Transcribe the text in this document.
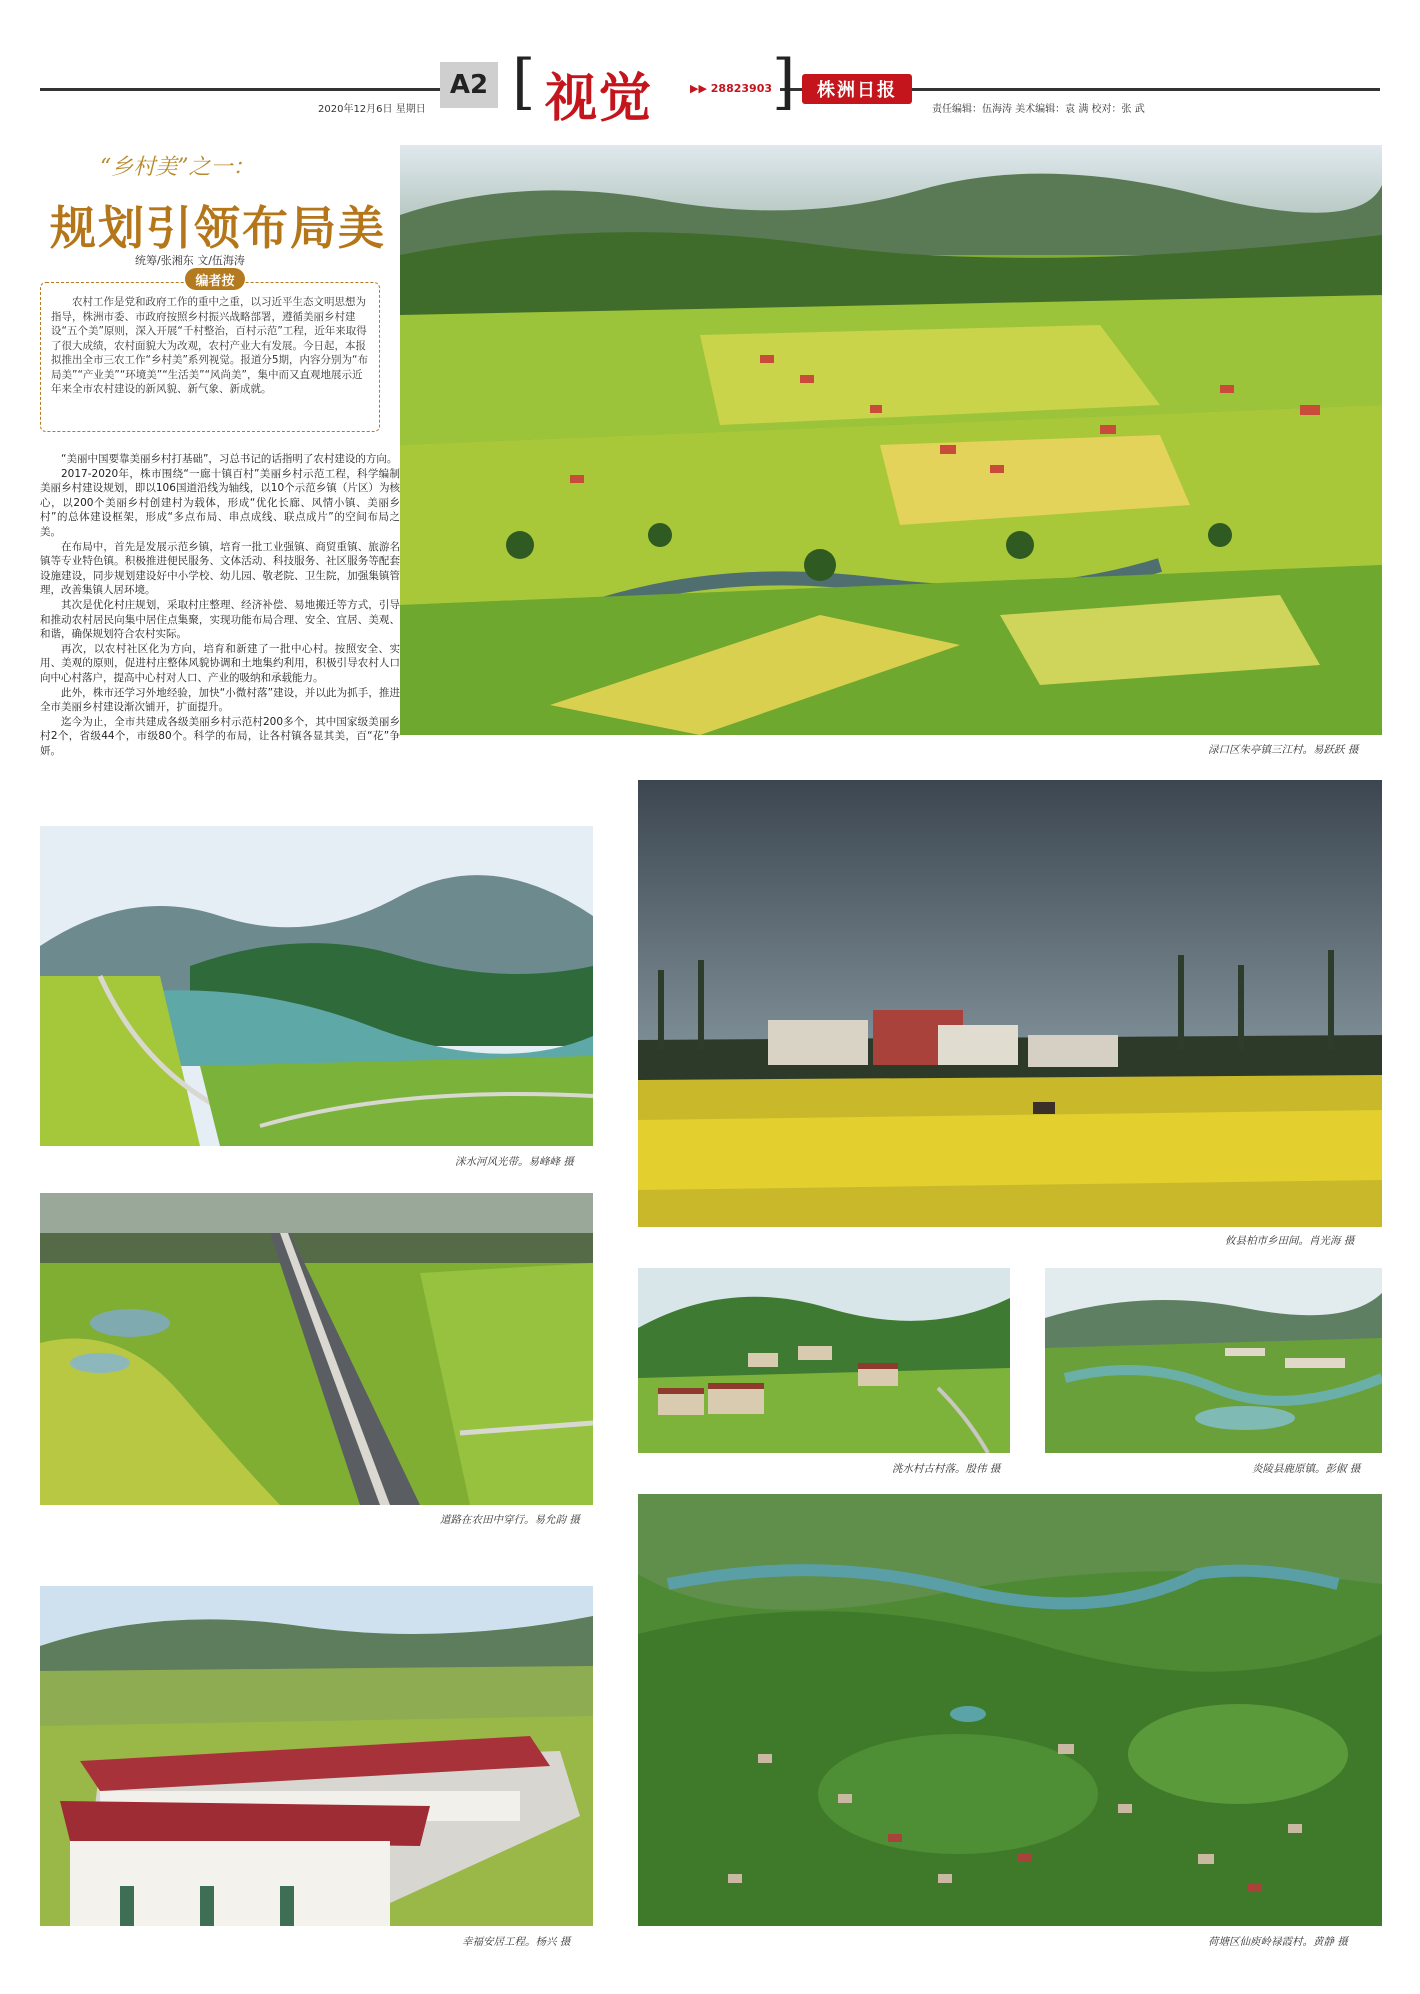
2020年12月6日 星期日
A2 [ 视觉	▶▶ 28823903 ]	株洲日报
责任编辑：伍海涛 美术编辑：袁 满 校对：张 武
“乡村美”之一：
规划引领布局美
统筹/张湘东 文/伍海涛
农村工作是党和政府工作的重中之重，以习近平生态文明思想为指导，株洲市委、市政府按照乡村振兴战略部署，遵循美丽乡村建设“五个美”原则，深入开展“千村整治，百村示范”工程，近年来取得了很大成绩，农村面貌大为改观，农村产业大有发展。今日起，本报拟推出全市三农工作“乡村美”系列视觉。报道分5期，内容分别为“布局美”“产业美”“环境美”“生活美”“风尚美”，集中而又直观地展示近年来全市农村建设的新风貌、新气象、新成就。
编者按

“美丽中国要靠美丽乡村打基础”，习总书记的话指明了农村建设的方向。

2017-2020年，株市围绕“一廊十镇百村”美丽乡村示范工程，科学编制美丽乡村建设规划，即以106国道沿线为轴线，以10个示范乡镇（片区）为核心，以200个美丽乡村创建村为载体，形成“优化长廊、风情小镇、美丽乡村”的总体建设框架，形成“多点布局、串点成线、联点成片”的空间布局之美。

在布局中，首先是发展示范乡镇，培育一批工业强镇、商贸重镇、旅游名镇等专业特色镇。积极推进便民服务、文体活动、科技服务、社区服务等配套设施建设，同步规划建设好中小学校、幼儿园、敬老院、卫生院，加强集镇管理，改善集镇人居环境。

其次是优化村庄规划，采取村庄整理、经济补偿、易地搬迁等方式，引导和推动农村居民向集中居住点集聚，实现功能布局合理、安全、宜居、美观、和谐，确保规划符合农村实际。

再次，以农村社区化为方向，培育和新建了一批中心村。按照安全、实用、美观的原则，促进村庄整体风貌协调和土地集约利用，积极引导农村人口向中心村落户，提高中心村对人口、产业的吸纳和承载能力。

此外，株市还学习外地经验，加快“小微村落”建设，并以此为抓手，推进全市美丽乡村建设渐次铺开，扩面提升。

迄今为止，全市共建成各级美丽乡村示范村200多个，其中国家级美丽乡村2个，省级44个，市级80个。科学的布局，让各村镇各显其美，百“花”争妍。	渌口区朱亭镇三江村。易跃跃 摄
洣水河风光带。易峰峰 摄
攸县柏市乡田间。肖光海 摄
道路在农田中穿行。易允韵 摄
洮水村古村落。殷伟 摄	炎陵县鹿原镇。彭俶 摄
幸福安居工程。杨兴 摄	荷塘区仙庾岭禄霞村。黄静 摄
